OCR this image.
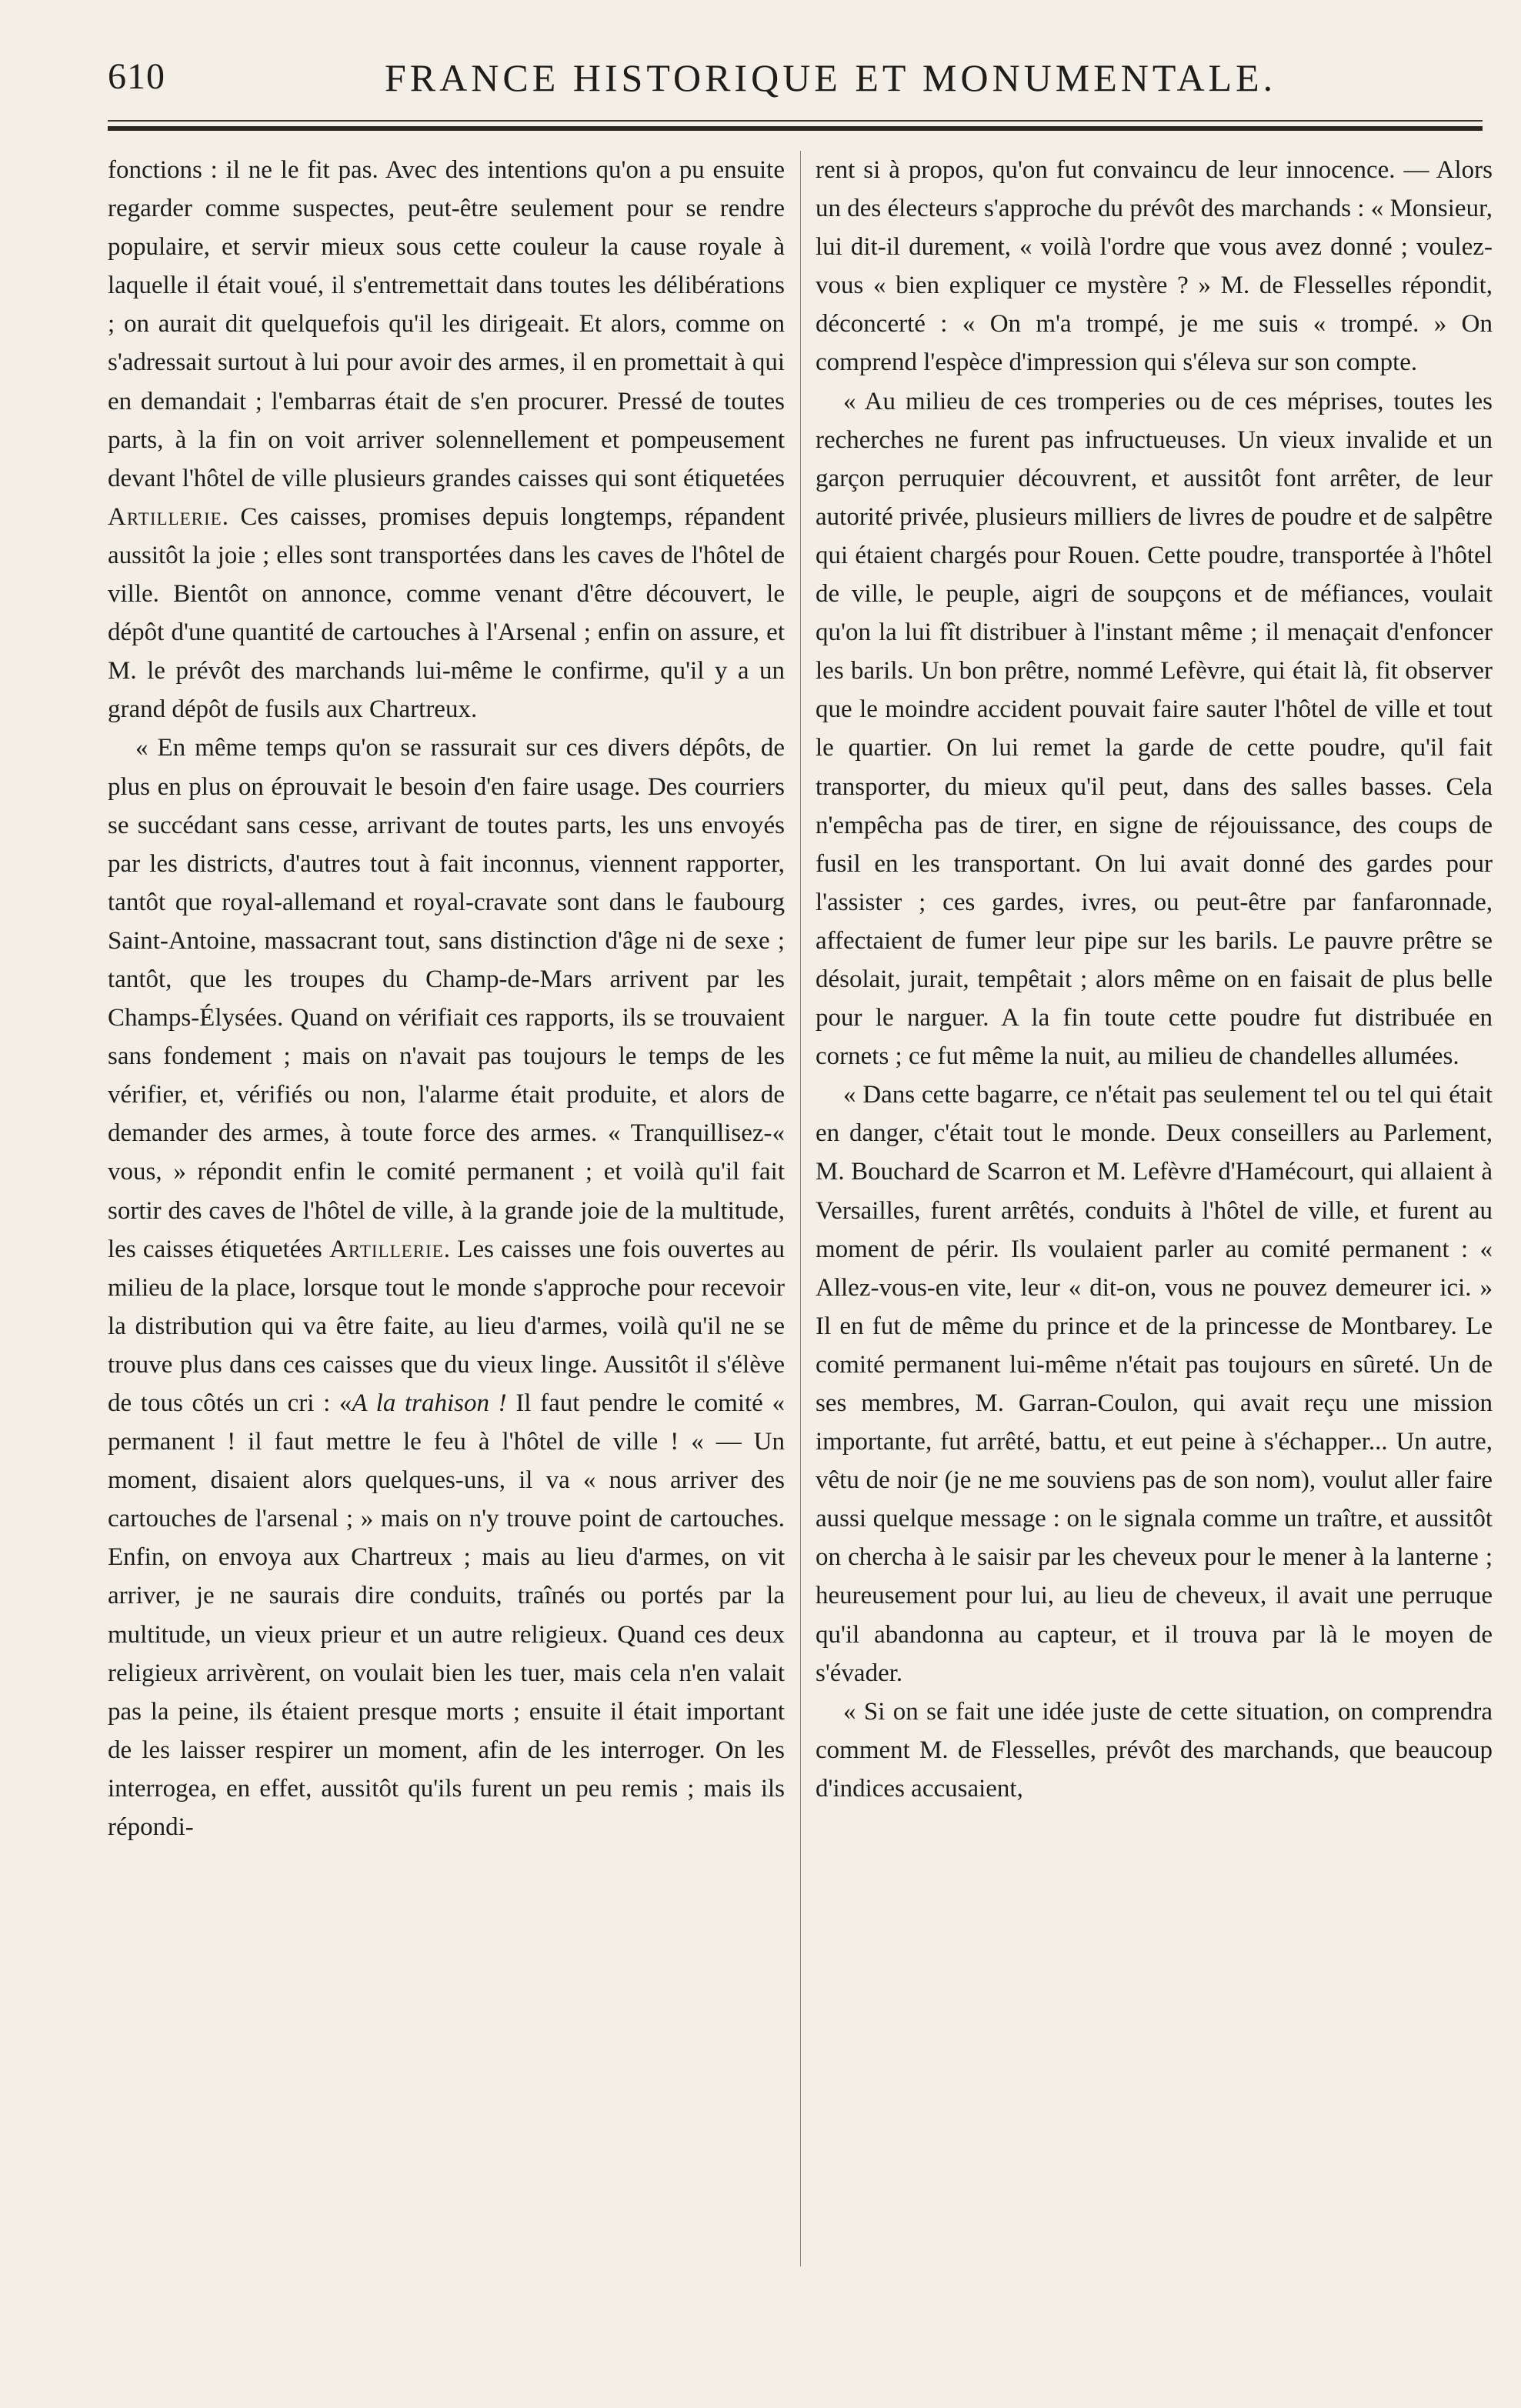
610	FRANCE HISTORIQUE ET MONUMENTALE.

fonctions : il ne le fit pas. Avec des intentions qu'on a pu ensuite regarder comme suspectes, peut-être seulement pour se rendre populaire, et servir mieux sous cette couleur la cause royale à laquelle il était voué, il s'entremettait dans toutes les délibérations ; on aurait dit quelquefois qu'il les dirigeait. Et alors, comme on s'adressait surtout à lui pour avoir des armes, il en promettait à qui en demandait ; l'embarras était de s'en procurer. Pressé de toutes parts, à la fin on voit arriver solennellement et pompeusement devant l'hôtel de ville plusieurs grandes caisses qui sont étiquetées Artillerie. Ces caisses, promises depuis longtemps, répandent aussitôt la joie ; elles sont transportées dans les caves de l'hôtel de ville. Bientôt on annonce, comme venant d'être découvert, le dépôt d'une quantité de cartouches à l'Arsenal ; enfin on assure, et M. le prévôt des marchands lui-même le confirme, qu'il y a un grand dépôt de fusils aux Chartreux.

« En même temps qu'on se rassurait sur ces divers dépôts, de plus en plus on éprouvait le besoin d'en faire usage. Des courriers se succédant sans cesse, arrivant de toutes parts, les uns envoyés par les districts, d'autres tout à fait inconnus, viennent rapporter, tantôt que royal-allemand et royal-cravate sont dans le faubourg Saint-Antoine, massacrant tout, sans distinction d'âge ni de sexe ; tantôt, que les troupes du Champ-de-Mars arrivent par les Champs-Élysées. Quand on vérifiait ces rapports, ils se trouvaient sans fondement ; mais on n'avait pas toujours le temps de les vérifier, et, vérifiés ou non, l'alarme était produite, et alors de demander des armes, à toute force des armes. « Tranquillisez-« vous, » répondit enfin le comité permanent ; et voilà qu'il fait sortir des caves de l'hôtel de ville, à la grande joie de la multitude, les caisses étiquetées Artillerie. Les caisses une fois ouvertes au milieu de la place, lorsque tout le monde s'approche pour recevoir la distribution qui va être faite, au lieu d'armes, voilà qu'il ne se trouve plus dans ces caisses que du vieux linge. Aussitôt il s'élève de tous côtés un cri : «A la trahison ! Il faut pendre le comité « permanent ! il faut mettre le feu à l'hôtel de ville ! « — Un moment, disaient alors quelques-uns, il va « nous arriver des cartouches de l'arsenal ; » mais on n'y trouve point de cartouches. Enfin, on envoya aux Chartreux ; mais au lieu d'armes, on vit arriver, je ne saurais dire conduits, traînés ou portés par la multitude, un vieux prieur et un autre religieux. Quand ces deux religieux arrivèrent, on voulait bien les tuer, mais cela n'en valait pas la peine, ils étaient presque morts ; ensuite il était important de les laisser respirer un moment, afin de les interroger. On les interrogea, en effet, aussitôt qu'ils furent un peu remis ; mais ils répondi-

rent si à propos, qu'on fut convaincu de leur innocence. — Alors un des électeurs s'approche du prévôt des marchands : « Monsieur, lui dit-il durement, « voilà l'ordre que vous avez donné ; voulez-vous « bien expliquer ce mystère ? » M. de Flesselles répondit, déconcerté : « On m'a trompé, je me suis « trompé. » On comprend l'espèce d'impression qui s'éleva sur son compte.

« Au milieu de ces tromperies ou de ces méprises, toutes les recherches ne furent pas infructueuses. Un vieux invalide et un garçon perruquier découvrent, et aussitôt font arrêter, de leur autorité privée, plusieurs milliers de livres de poudre et de salpêtre qui étaient chargés pour Rouen. Cette poudre, transportée à l'hôtel de ville, le peuple, aigri de soupçons et de méfiances, voulait qu'on la lui fît distribuer à l'instant même ; il menaçait d'enfoncer les barils. Un bon prêtre, nommé Lefèvre, qui était là, fit observer que le moindre accident pouvait faire sauter l'hôtel de ville et tout le quartier. On lui remet la garde de cette poudre, qu'il fait transporter, du mieux qu'il peut, dans des salles basses. Cela n'empêcha pas de tirer, en signe de réjouissance, des coups de fusil en les transportant. On lui avait donné des gardes pour l'assister ; ces gardes, ivres, ou peut-être par fanfaronnade, affectaient de fumer leur pipe sur les barils. Le pauvre prêtre se désolait, jurait, tempêtait ; alors même on en faisait de plus belle pour le narguer. A la fin toute cette poudre fut distribuée en cornets ; ce fut même la nuit, au milieu de chandelles allumées.

« Dans cette bagarre, ce n'était pas seulement tel ou tel qui était en danger, c'était tout le monde. Deux conseillers au Parlement, M. Bouchard de Scarron et M. Lefèvre d'Hamécourt, qui allaient à Versailles, furent arrêtés, conduits à l'hôtel de ville, et furent au moment de périr. Ils voulaient parler au comité permanent : « Allez-vous-en vite, leur « dit-on, vous ne pouvez demeurer ici. » Il en fut de même du prince et de la princesse de Montbarey. Le comité permanent lui-même n'était pas toujours en sûreté. Un de ses membres, M. Garran-Coulon, qui avait reçu une mission importante, fut arrêté, battu, et eut peine à s'échapper... Un autre, vêtu de noir (je ne me souviens pas de son nom), voulut aller faire aussi quelque message : on le signala comme un traître, et aussitôt on chercha à le saisir par les cheveux pour le mener à la lanterne ; heureusement pour lui, au lieu de cheveux, il avait une perruque qu'il abandonna au capteur, et il trouva par là le moyen de s'évader.

« Si on se fait une idée juste de cette situation, on comprendra comment M. de Flesselles, prévôt des marchands, que beaucoup d'indices accusaient,
